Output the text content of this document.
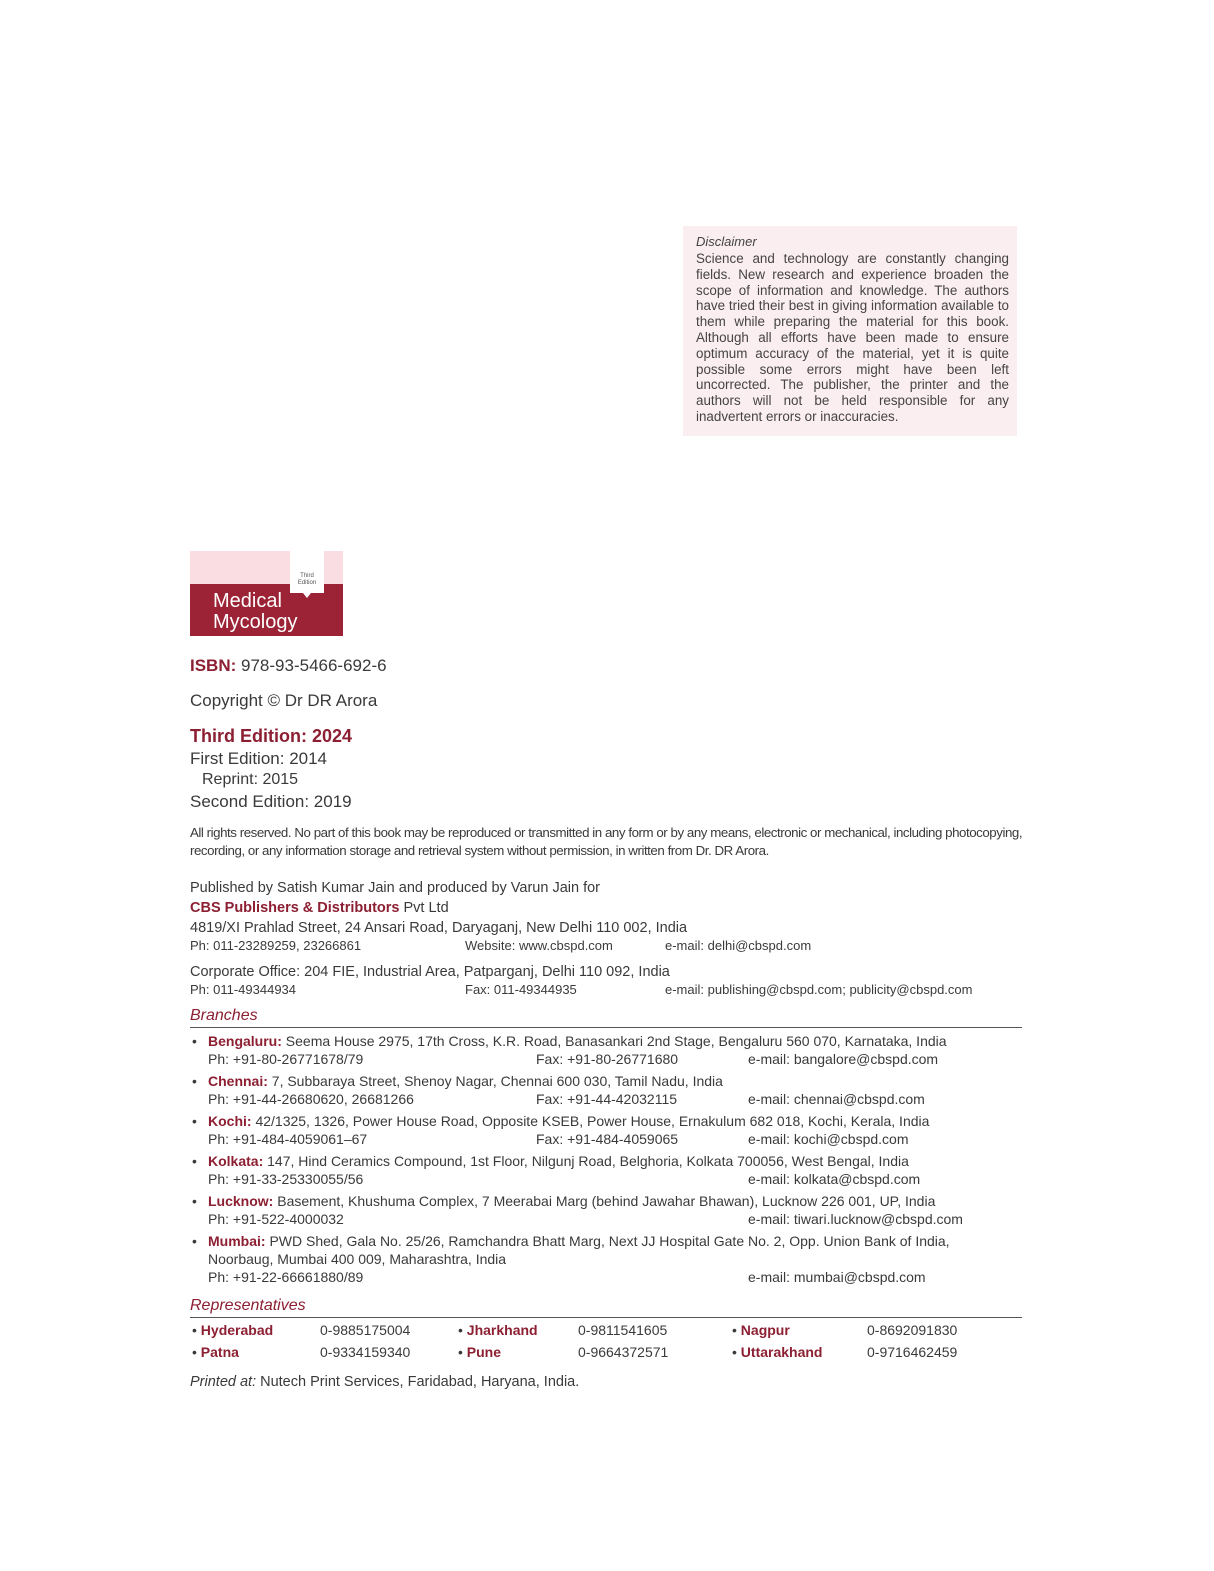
Disclaimer
Science and technology are constantly changing fields. New research and experience broaden the scope of information and knowledge. The authors have tried their best in giving information available to them while preparing the material for this book. Although all efforts have been made to ensure optimum accuracy of the material, yet it is quite possible some errors might have been left uncorrected. The publisher, the printer and the authors will not be held responsible for any inadvertent errors or inaccuracies.
Third
Edition
Medical
Mycology
ISBN: 978-93-5466-692-6
Copyright © Dr DR Arora
Third Edition: 2024
First Edition: 2014
Reprint: 2015
Second Edition: 2019
All rights reserved. No part of this book may be reproduced or transmitted in any form or by any means, electronic or mechanical, including photocopying, recording, or any information storage and retrieval system without permission, in written from Dr. DR Arora.
Published by Satish Kumar Jain and produced by Varun Jain for
CBS Publishers & Distributors Pvt Ltd
4819/XI Prahlad Street, 24 Ansari Road, Daryaganj, New Delhi 110 002, India
Ph: 011-23289259, 23266861	Website: www.cbspd.com	e-mail: delhi@cbspd.com
Corporate Office: 204 FIE, Industrial Area, Patparganj, Delhi 110 092, India
Ph: 011-49344934	Fax: 011-49344935	e-mail: publishing@cbspd.com; publicity@cbspd.com
Branches
• Bengaluru: Seema House 2975, 17th Cross, K.R. Road, Banasankari 2nd Stage, Bengaluru 560 070, Karnataka, India
Ph: +91-80-26771678/79	Fax: +91-80-26771680	e-mail: bangalore@cbspd.com
• Chennai: 7, Subbaraya Street, Shenoy Nagar, Chennai 600 030, Tamil Nadu, India
Ph: +91-44-26680620, 26681266	Fax: +91-44-42032115	e-mail: chennai@cbspd.com
• Kochi: 42/1325, 1326, Power House Road, Opposite KSEB, Power House, Ernakulum 682 018, Kochi, Kerala, India
Ph: +91-484-4059061–67	Fax: +91-484-4059065	e-mail: kochi@cbspd.com
• Kolkata: 147, Hind Ceramics Compound, 1st Floor, Nilgunj Road, Belghoria, Kolkata 700056, West Bengal, India
Ph: +91-33-25330055/56	e-mail: kolkata@cbspd.com
• Lucknow: Basement, Khushuma Complex, 7 Meerabai Marg (behind Jawahar Bhawan), Lucknow 226 001, UP, India
Ph: +91-522-4000032	e-mail: tiwari.lucknow@cbspd.com
• Mumbai: PWD Shed, Gala No. 25/26, Ramchandra Bhatt Marg, Next JJ Hospital Gate No. 2, Opp. Union Bank of India, Noorbaug, Mumbai 400 009, Maharashtra, India
Ph: +91-22-66661880/89	e-mail: mumbai@cbspd.com
Representatives
• Hyderabad	0-9885175004	• Jharkhand	0-9811541605	• Nagpur	0-8692091830
• Patna	0-9334159340	• Pune	0-9664372571	• Uttarakhand	0-9716462459
Printed at: Nutech Print Services, Faridabad, Haryana, India.
